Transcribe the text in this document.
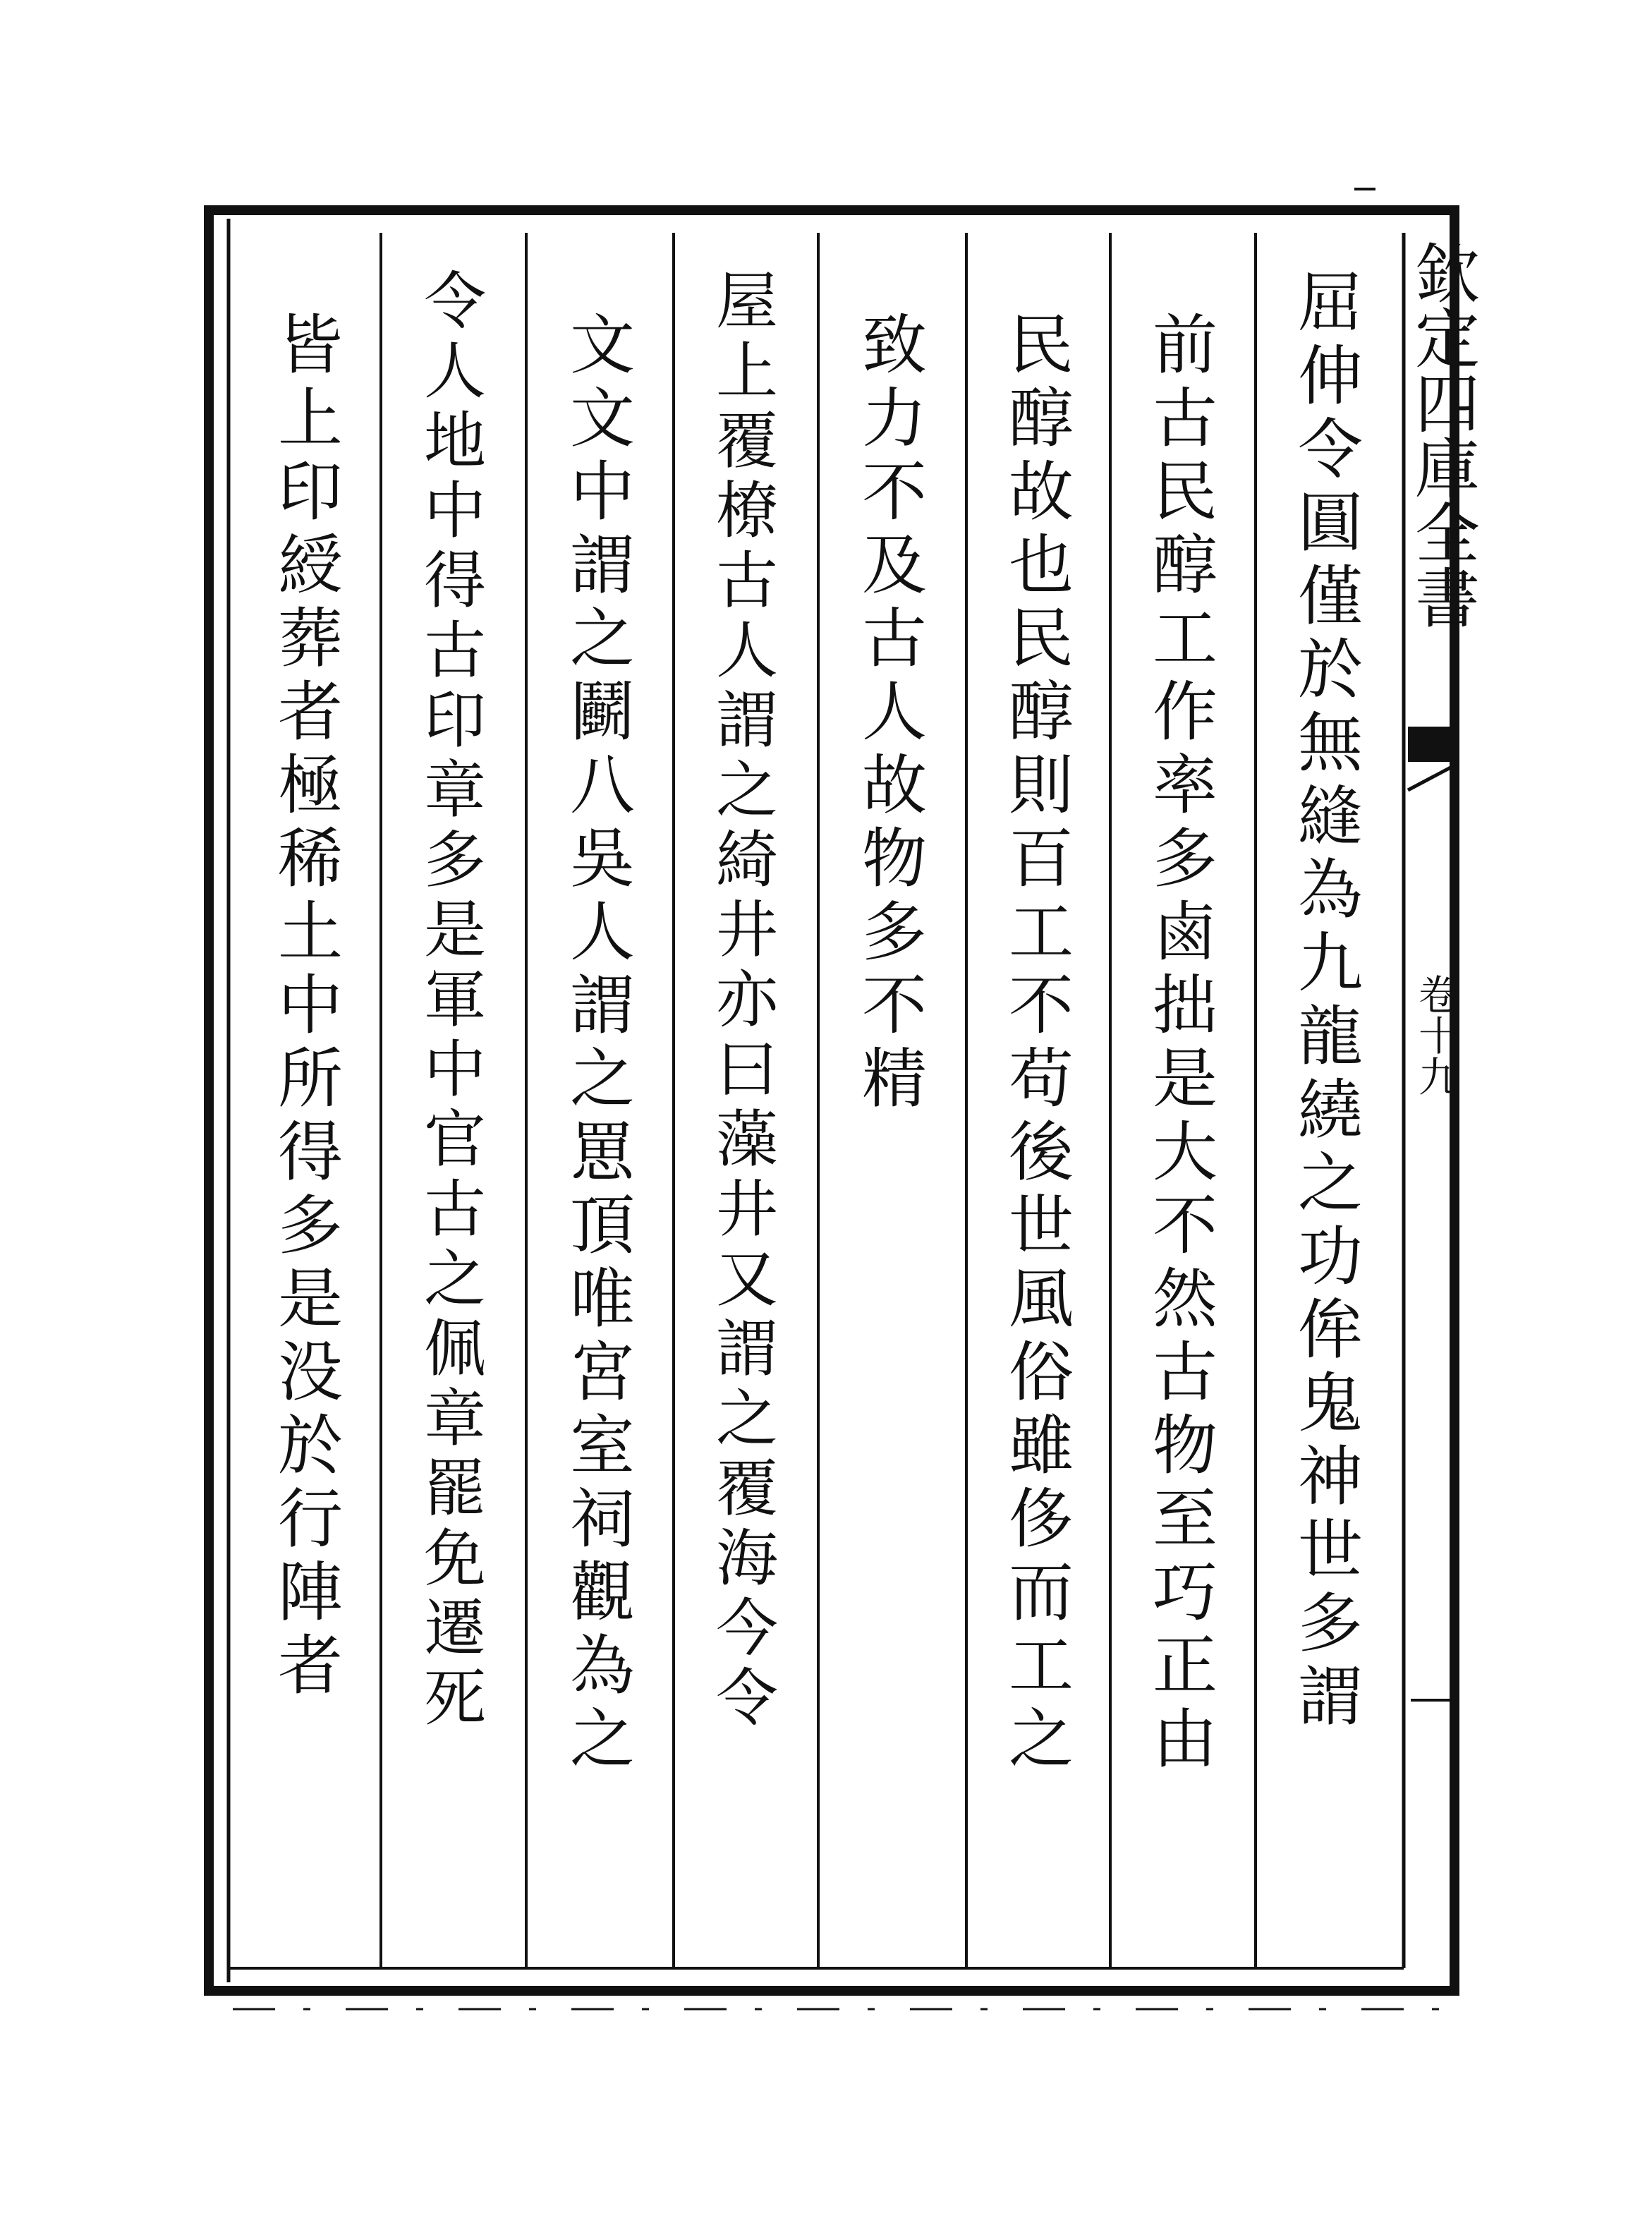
欽定四庫全書
卷十九
屈伸令圓僅於無縫為九龍繞之功侔鬼神世多謂
前古民醇工作率多鹵拙是大不然古物至巧正由
民醇故也民醇則百工不苟後世風俗雖侈而工之
致力不及古人故物多不精
屋上覆橑古人謂之綺井亦曰藻井又謂之覆海今令
文文中謂之鬬八吳人謂之罳頂唯宮室祠觀為之
令人地中得古印章多是軍中官古之佩章罷免遷死
皆上印綬葬者極稀土中所得多是没於行陣者
